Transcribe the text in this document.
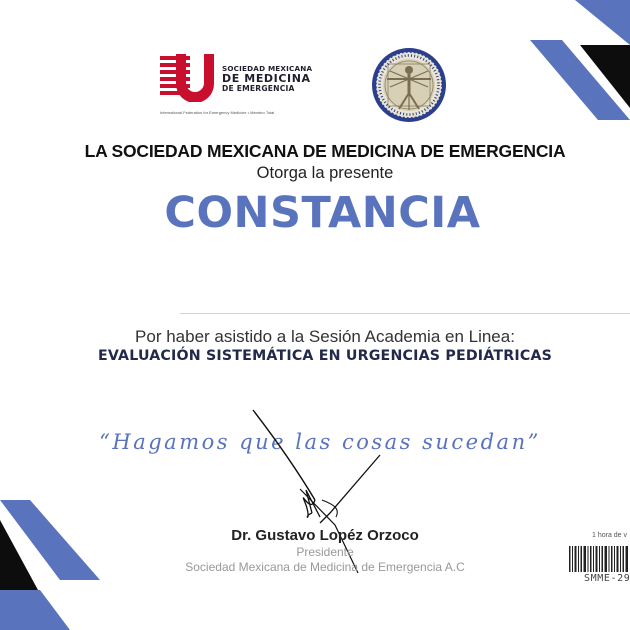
SOCIEDAD MEXICANA
DE MEDICINA
DE EMERGENCIA
International Federation for Emergency Medicine • Membro Total
LA SOCIEDAD MEXICANA DE MEDICINA DE EMERGENCIA
Otorga la presente
CONSTANCIA
Por haber asistido a la Sesión Academia en Linea:
EVALUACIÓN SISTEMÁTICA EN URGENCIAS PEDIÁTRICAS
“Hagamos que las cosas sucedan”
Dr. Gustavo Lopéz Orzoco
Presidente
Sociedad Mexicana de Medicina de Emergencia A.C
1 hora de v
SMME-29
